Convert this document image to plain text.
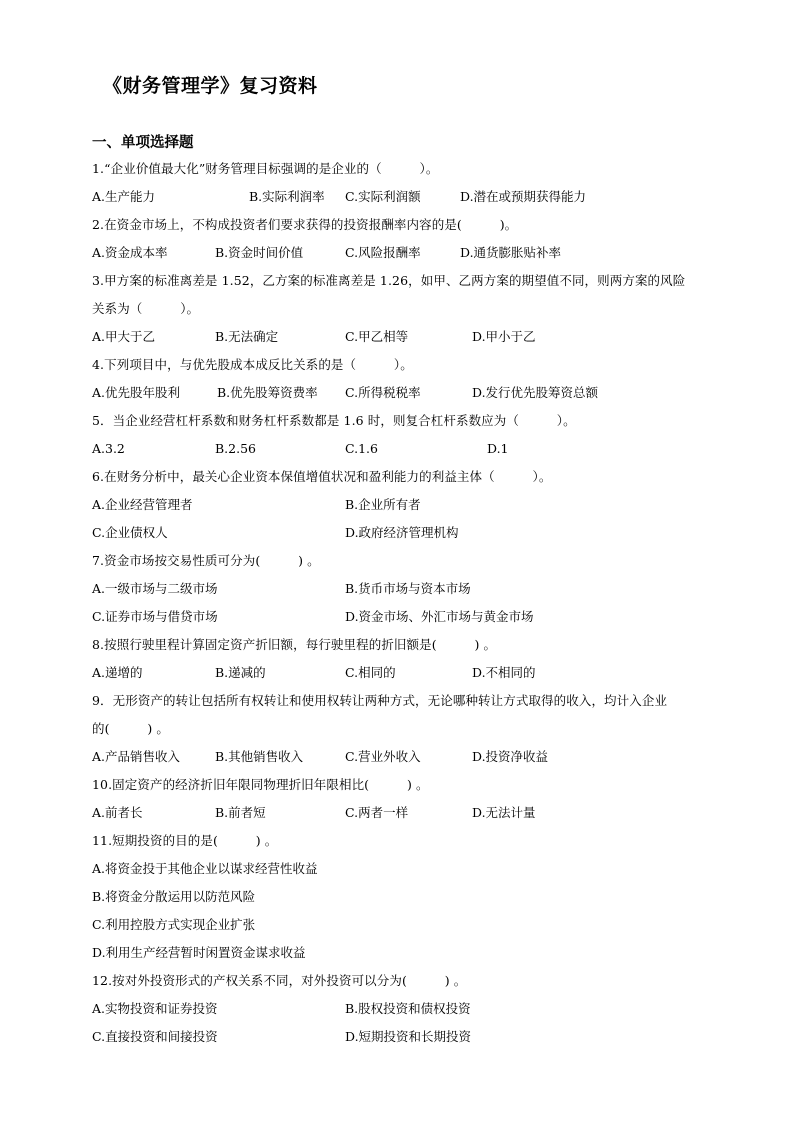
《财务管理学》复习资料
一、单项选择题
1.“企业价值最大化”财务管理目标强调的是企业的（　　　）。
A.生产能力	B.实际利润率 C.实际利润额	D.潜在或预期获得能力
2.在资金市场上，不构成投资者们要求获得的投资报酬率内容的是(　　　)。
A.资金成本率	B.资金时间价值	C.风险报酬率	D.通货膨胀贴补率
3.甲方案的标准离差是 1.52，乙方案的标准离差是 1.26，如甲、乙两方案的期望值不同，则两方案的风险
关系为（　　　）。
A.甲大于乙	B.无法确定	C.甲乙相等	D.甲小于乙
4.下列项目中，与优先股成本成反比关系的是（　　　）。
A.优先股年股利	B.优先股筹资费率 C.所得税税率	D.发行优先股筹资总额
5．当企业经营杠杆系数和财务杠杆系数都是 1.6 时，则复合杠杆系数应为（　　　）。
A.3.2	B.2.56	C.1.6	D.1
6.在财务分析中，最关心企业资本保值增值状况和盈利能力的利益主体（　　　）。
A.企业经营管理者	B.企业所有者
C.企业债权人	D.政府经济管理机构
7.资金市场按交易性质可分为(　　　) 。
A.一级市场与二级市场	B.货币市场与资本市场
C.证券市场与借贷市场	D.资金市场、外汇市场与黄金市场
8.按照行驶里程计算固定资产折旧额，每行驶里程的折旧额是(　　　) 。
A.递增的	B.递减的	C.相同的	D.不相同的
9．无形资产的转让包括所有权转让和使用权转让两种方式，无论哪种转让方式取得的收入，均计入企业
的(　　　) 。
A.产品销售收入	B.其他销售收入	C.营业外收入	D.投资净收益
10.固定资产的经济折旧年限同物理折旧年限相比(　　　) 。
A.前者长	B.前者短	C.两者一样	D.无法计量
11.短期投资的目的是(　　　) 。
A.将资金投于其他企业以谋求经营性收益
B.将资金分散运用以防范风险
C.利用控股方式实现企业扩张
D.利用生产经营暂时闲置资金谋求收益
12.按对外投资形式的产权关系不同，对外投资可以分为(　　　) 。
A.实物投资和证券投资	B.股权投资和债权投资
C.直接投资和间接投资	D.短期投资和长期投资
